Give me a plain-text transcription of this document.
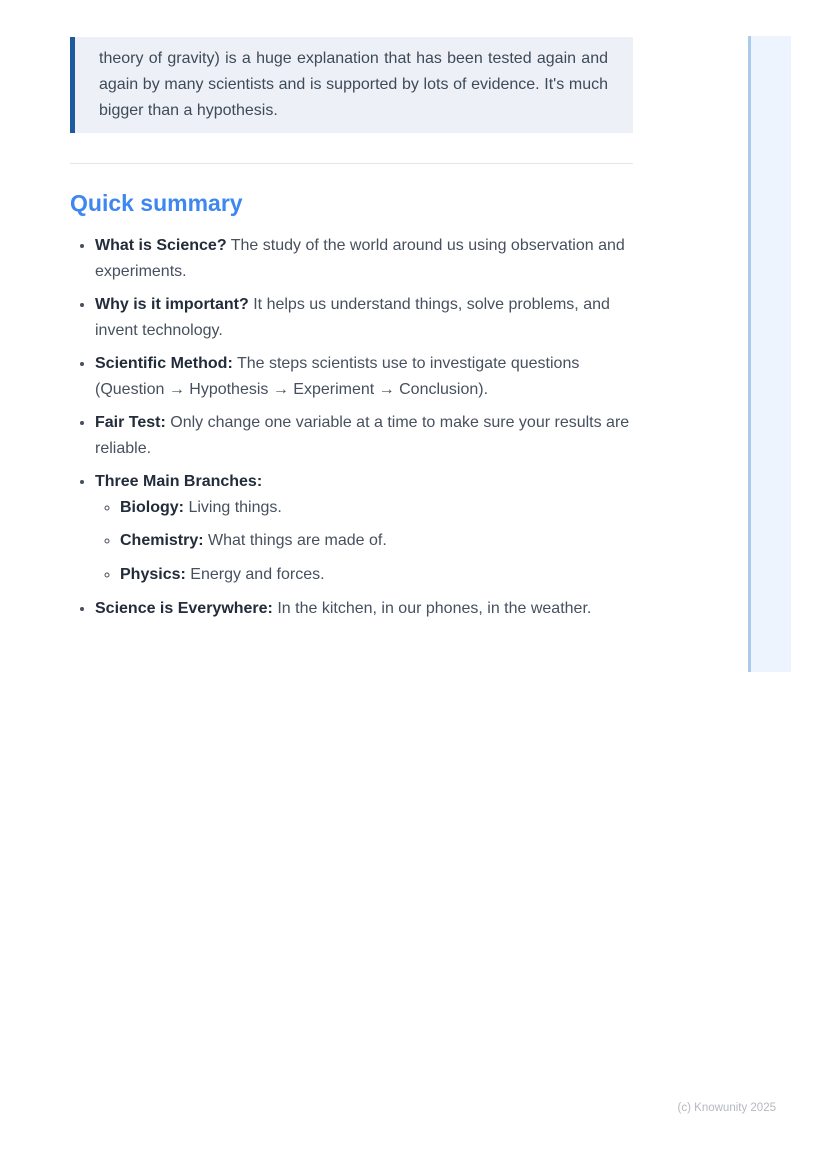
theory of gravity) is a huge explanation that has been tested again and again by many scientists and is supported by lots of evidence. It's much bigger than a hypothesis.

Quick summary
• What is Science? The study of the world around us using observation and experiments.
• Why is it important? It helps us understand things, solve problems, and invent technology.
• Scientific Method: The steps scientists use to investigate questions (Question → Hypothesis → Experiment → Conclusion).
• Fair Test: Only change one variable at a time to make sure your results are reliable.
• Three Main Branches:
◦ Biology: Living things.
◦ Chemistry: What things are made of.
◦ Physics: Energy and forces.
• Science is Everywhere: In the kitchen, in our phones, in the weather.
(c) Knowunity 2025
